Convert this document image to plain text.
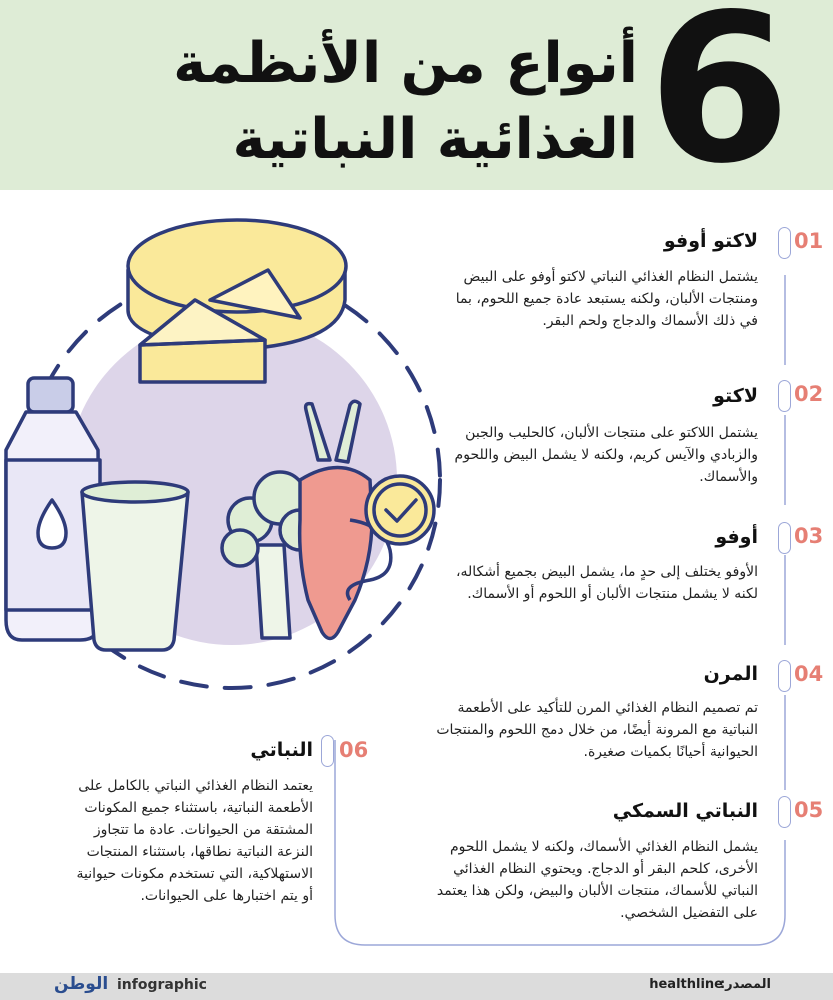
6
أنواع من الأنظمة
الغذائية النباتية
01
لاكتو أوفو

يشتمل النظام الغذائي النباتي لاكتو أوفو على البيض ومنتجات الألبان، ولكنه يستبعد عادة جميع اللحوم، بما في ذلك الأسماك والدجاج ولحم البقر.

02
لاكتو

يشتمل اللاكتو على منتجات الألبان، كالحليب والجبن والزبادي والآيس كريم، ولكنه لا يشمل البيض واللحوم والأسماك.

03
أوفو

الأوفو يختلف إلى حدٍ ما، يشمل البيض بجميع أشكاله، لكنه لا يشمل منتجات الألبان أو اللحوم أو الأسماك.

04
المرن

تم تصميم النظام الغذائي المرن للتأكيد على الأطعمة النباتية مع المرونة أيضًا، من خلال دمج اللحوم والمنتجات الحيوانية أحيانًا بكميات صغيرة.

05
النباتي السمكي

يشمل النظام الغذائي الأسماك، ولكنه لا يشمل اللحوم الأخرى، كلحم البقر أو الدجاج. ويحتوي النظام الغذائي النباتي للأسماك، منتجات الألبان والبيض، ولكن هذا يعتمد على التفضيل الشخصي.

06
النباتي

يعتمد النظام الغذائي النباتي بالكامل على الأطعمة النباتية، باستثناء جميع المكونات المشتقة من الحيوانات. عادة ما تتجاوز النزعة النباتية نطاقها، باستثناء المنتجات الاستهلاكية، التي تستخدم مكونات حيوانية أو يتم اختبارها على الحيوانات.

الوطن infographic	healthline
المصدر:
